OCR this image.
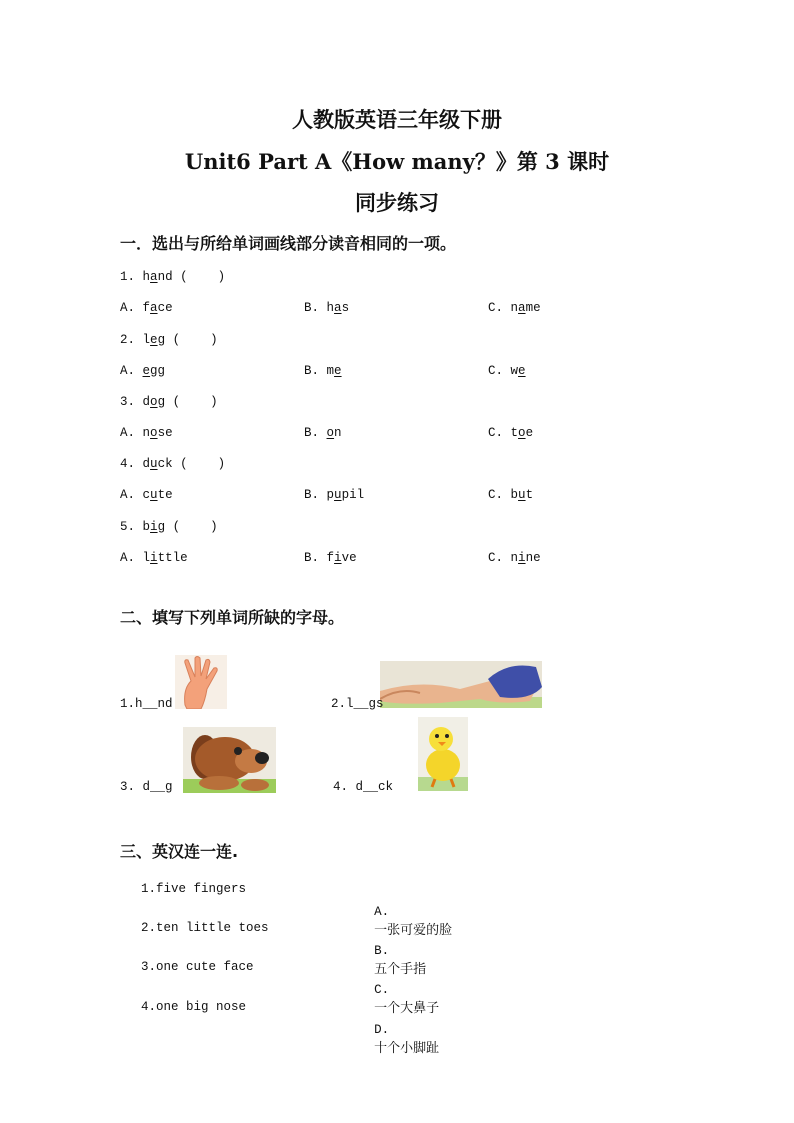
人教版英语三年级下册
Unit6 Part A《How many？》第 3 课时
同步练习
一．选出与所给单词画线部分读音相同的一项。
1. hand (    )
A. face	B. has	C. name
2. leg (    )
A. egg	B. me	C. we
3. dog (    )
A. nose	B. on	C. toe
4. duck (    )
A. cute	B. pupil	C. but
5. big (    )
A. little	B. five	C. nine
二、填写下列单词所缺的字母。
1.h__nd	2.l__gs
3. d__g	4. d__ck
三、英汉连一连.
1.five fingers
2.ten little toes
3.one cute face
4.one big nose

A.
一张可爱的脸

B.
五个手指

C.
一个大鼻子

D.
十个小脚趾
